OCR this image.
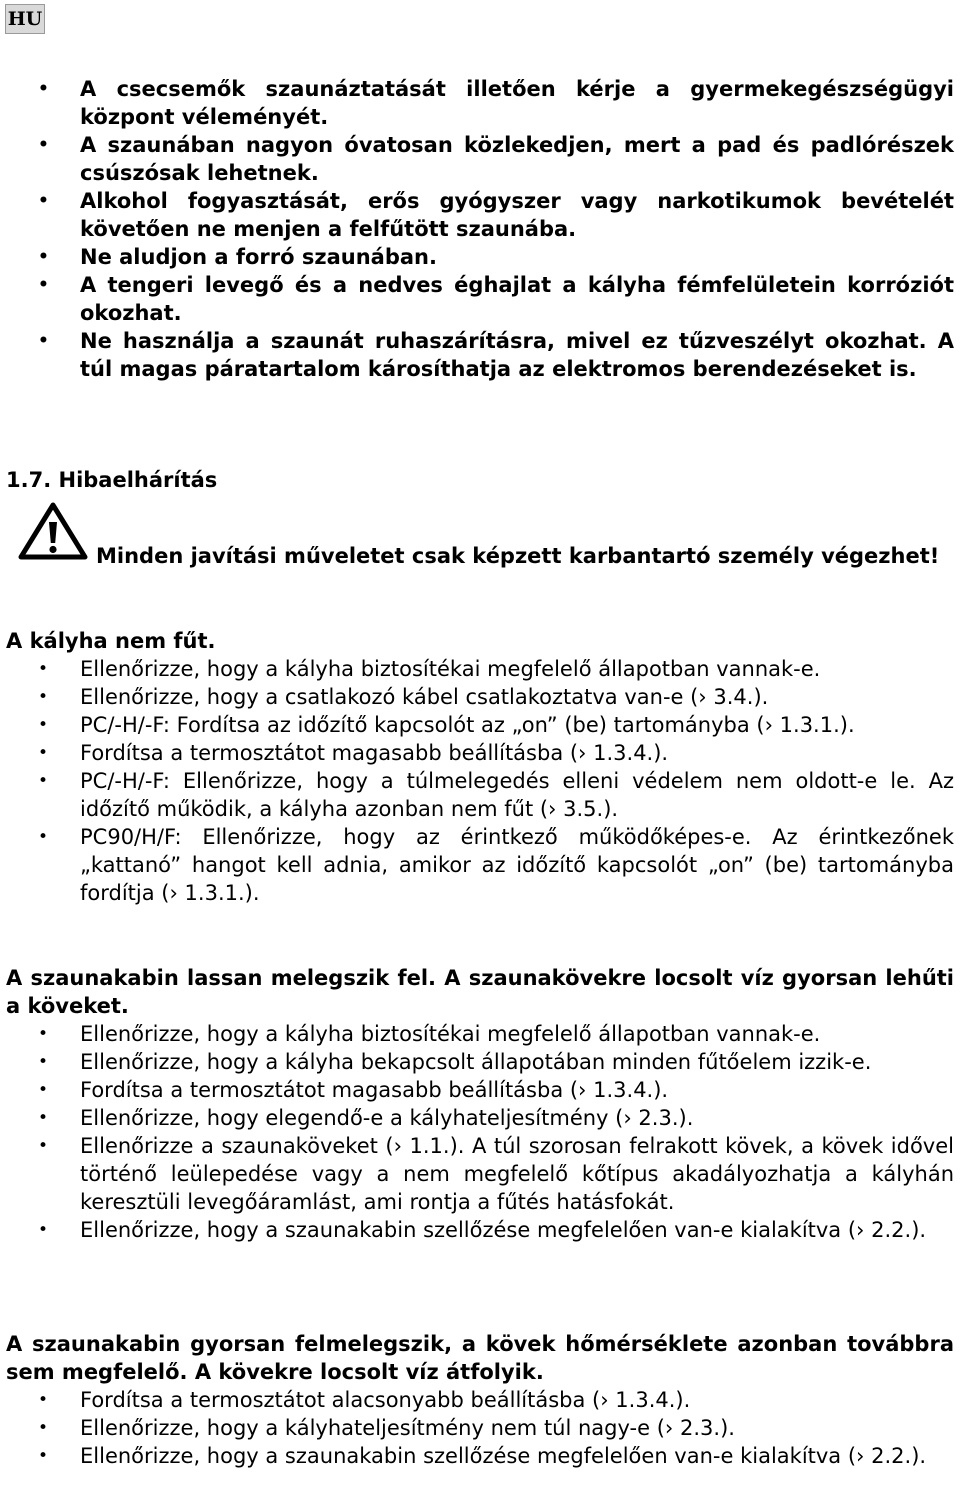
HU
• A csecsemők szaunáztatását illetően kérje a gyermekegészségügyi központ véleményét.
• A szaunában nagyon óvatosan közlekedjen, mert a pad és padlórészek csúszósak lehetnek.
• Alkohol fogyasztását, erős gyógyszer vagy narkotikumok bevételét követően ne menjen a felfűtött szaunába.
• Ne aludjon a forró szaunában.
• A tengeri levegő és a nedves éghajlat a kályha fémfelületein korróziót okozhat.
• Ne használja a szaunát ruhaszárításra, mivel ez tűzveszélyt okozhat. A túl magas páratartalom károsíthatja az elektromos berendezéseket is.
1.7. Hibaelhárítás
Minden javítási műveletet csak képzett karbantartó személy végezhet!
A kályha nem fűt.
• Ellenőrizze, hogy a kályha biztosítékai megfelelő állapotban vannak-e.
• Ellenőrizze, hogy a csatlakozó kábel csatlakoztatva van-e (› 3.4.).
• PC/-H/-F: Fordítsa az időzítő kapcsolót az „on” (be) tartományba (› 1.3.1.).
• Fordítsa a termosztátot magasabb beállításba (› 1.3.4.).
• PC/-H/-F: Ellenőrizze, hogy a túlmelegedés elleni védelem nem oldott-e le. Az időzítő működik, a kályha azonban nem fűt (› 3.5.).
• PC90/H/F: Ellenőrizze, hogy az érintkező működőképes-e. Az érintkezőnek „kattanó” hangot kell adnia, amikor az időzítő kapcsolót „on” (be) tartományba fordítja (› 1.3.1.).
A szaunakabin lassan melegszik fel. A szaunakövekre locsolt víz gyorsan lehűti a köveket.
• Ellenőrizze, hogy a kályha biztosítékai megfelelő állapotban vannak-e.
• Ellenőrizze, hogy a kályha bekapcsolt állapotában minden fűtőelem izzik-e.
• Fordítsa a termosztátot magasabb beállításba (› 1.3.4.).
• Ellenőrizze, hogy elegendő-e a kályhateljesítmény (› 2.3.).
• Ellenőrizze a szaunaköveket (› 1.1.). A túl szorosan felrakott kövek, a kövek idővel történő leülepedése vagy a nem megfelelő kőtípus akadályozhatja a kályhán keresztüli levegőáramlást, ami rontja a fűtés hatásfokát.
• Ellenőrizze, hogy a szaunakabin szellőzése megfelelően van-e kialakítva (› 2.2.).
A szaunakabin gyorsan felmelegszik, a kövek hőmérséklete azonban továbbra sem megfelelő. A kövekre locsolt víz átfolyik.
• Fordítsa a termosztátot alacsonyabb beállításba (› 1.3.4.).
• Ellenőrizze, hogy a kályhateljesítmény nem túl nagy-e (› 2.3.).
• Ellenőrizze, hogy a szaunakabin szellőzése megfelelően van-e kialakítva (› 2.2.).
